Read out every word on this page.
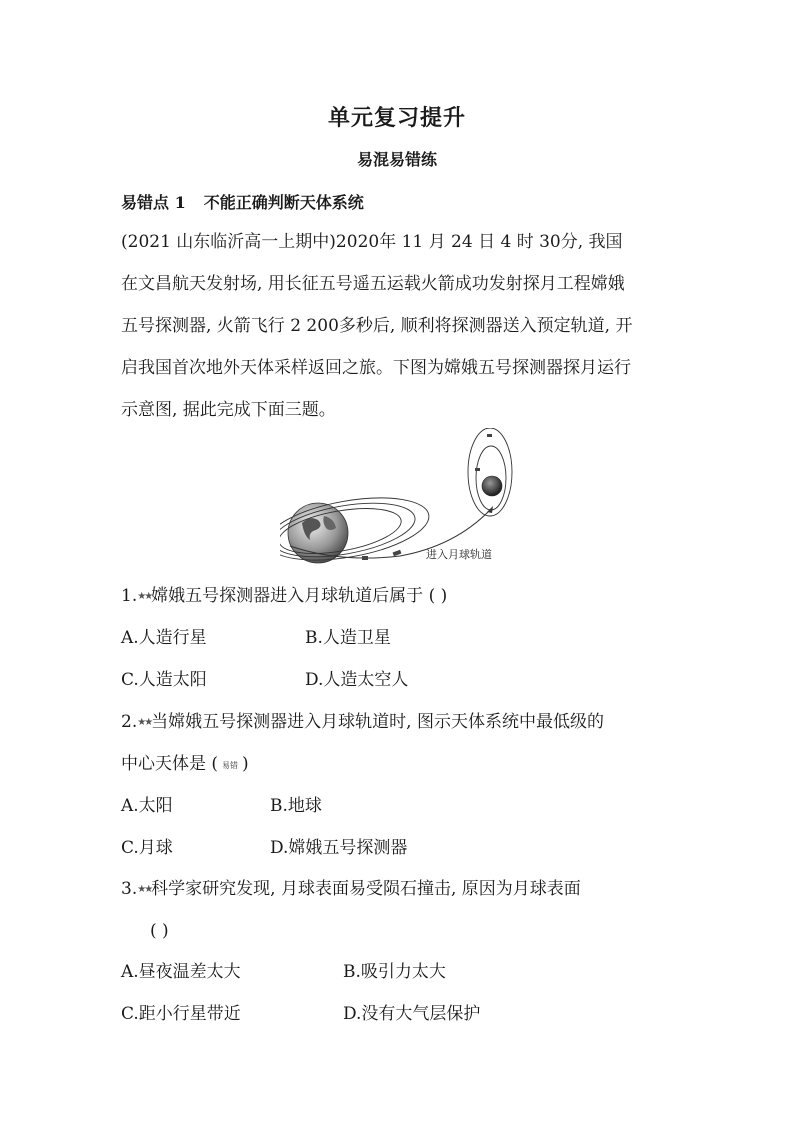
单元复习提升
易混易错练
易错点 1 不能正确判断天体系统
(2021 山东临沂高一上期中)2020年 11 月 24 日 4 时 30分, 我国
在文昌航天发射场, 用长征五号遥五运载火箭成功发射探月工程嫦娥
五号探测器, 火箭飞行 2 200多秒后, 顺利将探测器送入预定轨道, 开
启我国首次地外天体采样返回之旅。下图为嫦娥五号探测器探月运行
示意图, 据此完成下面三题。
进入月球轨道
1.★★嫦娥五号探测器进入月球轨道后属于 ( )
A.人造行星	B.人造卫星
C.人造太阳	D.人造太空人
2.★★当嫦娥五号探测器进入月球轨道时, 图示天体系统中最低级的
中心天体是 ( 易错 )
A.太阳	B.地球
C.月球	D.嫦娥五号探测器
3.★★科学家研究发现, 月球表面易受陨石撞击, 原因为月球表面
( )
A.昼夜温差太大	B.吸引力太大
C.距小行星带近	D.没有大气层保护
